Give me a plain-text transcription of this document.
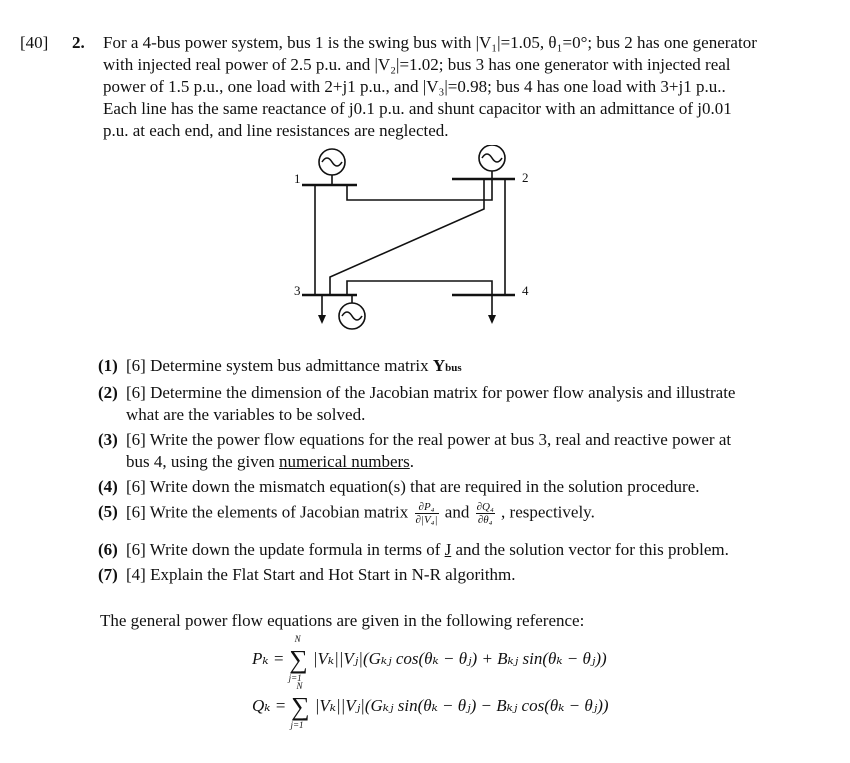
[40] 2. For a 4-bus power system, bus 1 is the swing bus with |V₁|=1.05, θ₁=0°; bus 2 has one generator
with injected real power of 2.5 p.u. and |V₂|=1.02; bus 3 has one generator with injected real
power of 1.5 p.u., one load with 2+j1 p.u., and |V₃|=0.98; bus 4 has one load with 3+j1 p.u..
Each line has the same reactance of j0.1 p.u. and shunt capacitor with an admittance of j0.01
p.u. at each end, and line resistances are neglected.
1	2
3	4
(1) [6] Determine system bus admittance matrix Ybus
(2) [6] Determine the dimension of the Jacobian matrix for power flow analysis and illustrate
what are the variables to be solved.
(3) [6] Write the power flow equations for the real power at bus 3, real and reactive power at
bus 4, using the given numerical numbers.
(4) [6] Write down the mismatch equation(s) that are required in the solution procedure.
(5) [6] Write the elements of Jacobian matrix $\frac{\text{∂P₄}}{\text{∂|V₄|}}$ and $\frac{\text{∂Q₄}}{\text{∂θ₄}}$ , respectively.
(6) [6] Write down the update formula in terms of J and the solution vector for this problem.
(7) [4] Explain the Flat Start and Hot Start in N-R algorithm.
The general power flow equations are given in the following reference:
Pₖ = ∑
N
j=1
|Vₖ||Vⱼ|(Gₖⱼ cos(θₖ − θⱼ) + Bₖⱼ sin(θₖ − θⱼ))
Qₖ = ∑
N
j=1
|Vₖ||Vⱼ|(Gₖⱼ sin(θₖ − θⱼ) − Bₖⱼ cos(θₖ − θⱼ))
